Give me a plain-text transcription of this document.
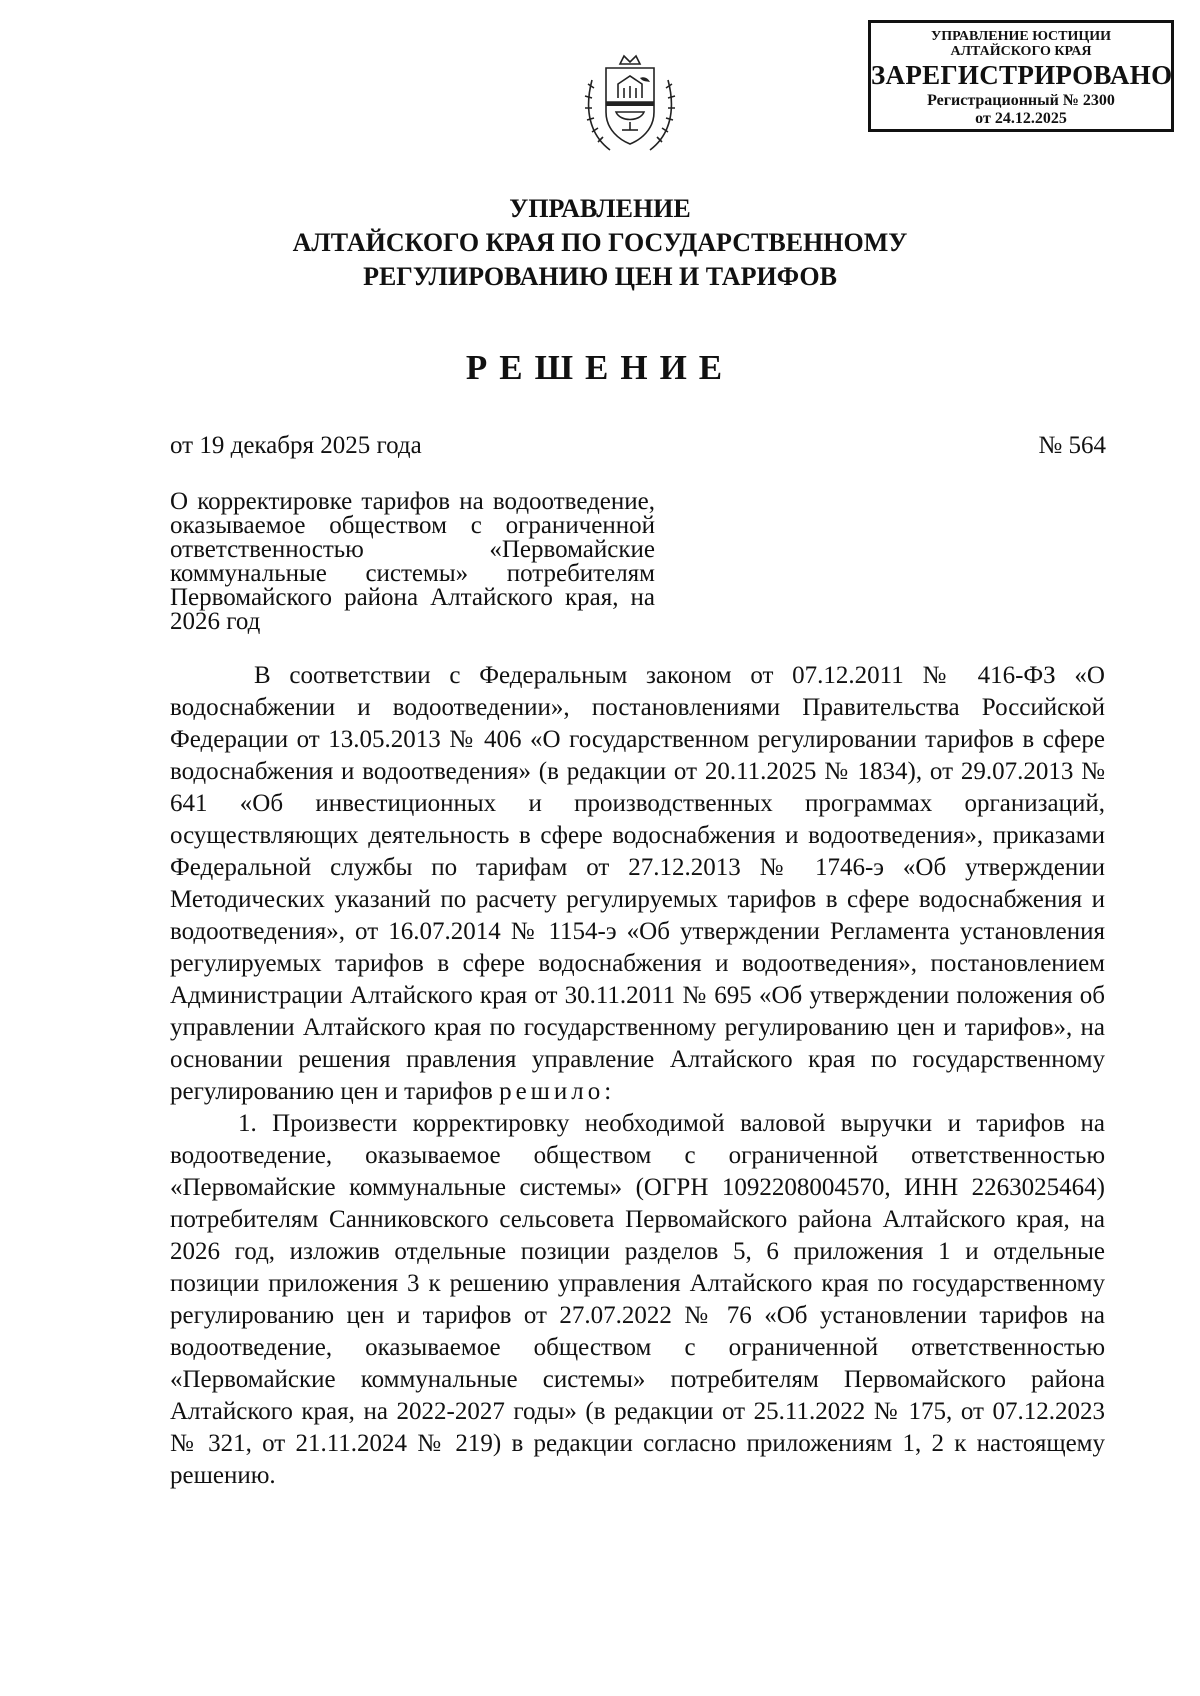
УПРАВЛЕНИЕ ЮСТИЦИИ
АЛТАЙСКОГО КРАЯ
ЗАРЕГИСТРИРОВАНО
Регистрационный № 2300
от 24.12.2025
УПРАВЛЕНИЕ
АЛТАЙСКОГО КРАЯ ПО ГОСУДАРСТВЕННОМУ
РЕГУЛИРОВАНИЮ ЦЕН И ТАРИФОВ
РЕШЕНИЕ
от 19 декабря 2025 года	№ 564
О корректировке тарифов на водоотведение, оказываемое обществом с ограниченной ответственностью «Первомайские коммунальные системы» потребителям Первомайского района Алтайского края, на 2026 год

В соответствии с Федеральным законом от 07.12.2011 № 416-ФЗ «О водоснабжении и водоотведении», постановлениями Правительства Российской Федерации от 13.05.2013 № 406 «О государственном регулировании тарифов в сфере водоснабжения и водоотведения» (в редакции от 20.11.2025 № 1834), от 29.07.2013 № 641 «Об инвестиционных и производственных программах организаций, осуществляющих деятельность в сфере водоснабжения и водоотведения», приказами Федеральной службы по тарифам от 27.12.2013 № 1746-э «Об утверждении Методических указаний по расчету регулируемых тарифов в сфере водоснабжения и водоотведения», от 16.07.2014 № 1154-э «Об утверждении Регламента установления регулируемых тарифов в сфере водоснабжения и водоотведения», постановлением Администрации Алтайского края от 30.11.2011 № 695 «Об утверждении положения об управлении Алтайского края по государственному регулированию цен и тарифов», на основании решения правления управление Алтайского края по государственному регулированию цен и тарифов решило:

1. Произвести корректировку необходимой валовой выручки и тарифов на водоотведение, оказываемое обществом с ограниченной ответственностью «Первомайские коммунальные системы» (ОГРН 1092208004570, ИНН 2263025464) потребителям Санниковского сельсовета Первомайского района Алтайского края, на 2026 год, изложив отдельные позиции разделов 5, 6 приложения 1 и отдельные позиции приложения 3 к решению управления Алтайского края по государственному регулированию цен и тарифов от 27.07.2022 № 76 «Об установлении тарифов на водоотведение, оказываемое обществом с ограниченной ответственностью «Первомайские коммунальные системы» потребителям Первомайского района Алтайского края, на 2022-2027 годы» (в редакции от 25.11.2022 № 175, от 07.12.2023 № 321, от 21.11.2024 № 219) в редакции согласно приложениям 1, 2 к настоящему решению.
